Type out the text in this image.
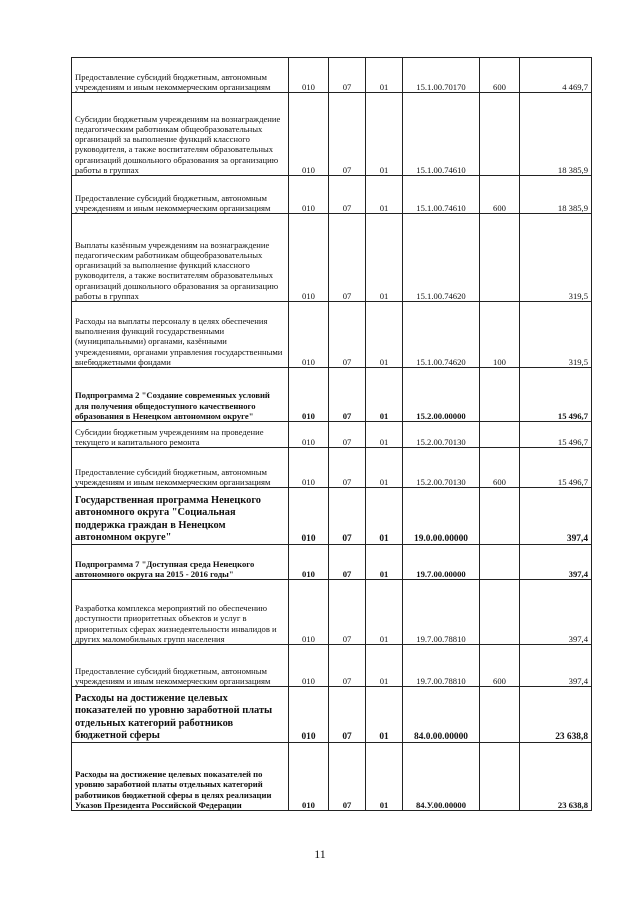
Предоставление субсидий бюджетным, автономным учреждениям и иным некоммерческим организациям	010	07	01	15.1.00.70170	600	4 469,7
Субсидии бюджетным учреждениям на вознаграждение педагогическим работникам общеобразовательных организаций за выполнение функций классного руководителя, а также воспитателям образовательных организаций дошкольного образования за организацию работы в группах	010	07	01	15.1.00.74610		18 385,9
Предоставление субсидий бюджетным, автономным учреждениям и иным некоммерческим организациям	010	07	01	15.1.00.74610	600	18 385,9
Выплаты казённым учреждениям на вознаграждение педагогическим работникам общеобразовательных организаций за выполнение функций классного руководителя, а также воспитателям образовательных организаций дошкольного образования за организацию работы в группах	010	07	01	15.1.00.74620		319,5
Расходы на выплаты персоналу в целях обеспечения выполнения функций государственными (муниципальными) органами, казёнными учреждениями, органами управления государственными внебюджетными фондами	010	07	01	15.1.00.74620	100	319,5
Подпрограмма 2 "Создание современных условий для получения общедоступного качественного образования в Ненецком автономном округе"	010	07	01	15.2.00.00000		15 496,7
Субсидии бюджетным учреждениям на проведение текущего и капитального ремонта	010	07	01	15.2.00.70130		15 496,7
Предоставление субсидий бюджетным, автономным учреждениям и иным некоммерческим организациям	010	07	01	15.2.00.70130	600	15 496,7
Государственная программа Ненецкого автономного округа "Социальная поддержка граждан в Ненецком автономном округе"	010	07	01	19.0.00.00000		397,4
Подпрограмма 7 "Доступная среда Ненецкого автономного округа на 2015 - 2016 годы"	010	07	01	19.7.00.00000		397,4
Разработка комплекса мероприятий по обеспечению доступности приоритетных объектов и услуг в приоритетных сферах жизнедеятельности инвалидов и других маломобильных групп населения	010	07	01	19.7.00.78810		397,4
Предоставление субсидий бюджетным, автономным учреждениям и иным некоммерческим организациям	010	07	01	19.7.00.78810	600	397,4
Расходы на достижение целевых показателей по уровню заработной платы отдельных категорий работников бюджетной сферы	010	07	01	84.0.00.00000		23 638,8
Расходы на достижение целевых показателей по уровню заработной платы отдельных категорий работников бюджетной сферы в целях реализации Указов Президента Российской Федерации	010	07	01	84.У.00.00000		23 638,8
11
